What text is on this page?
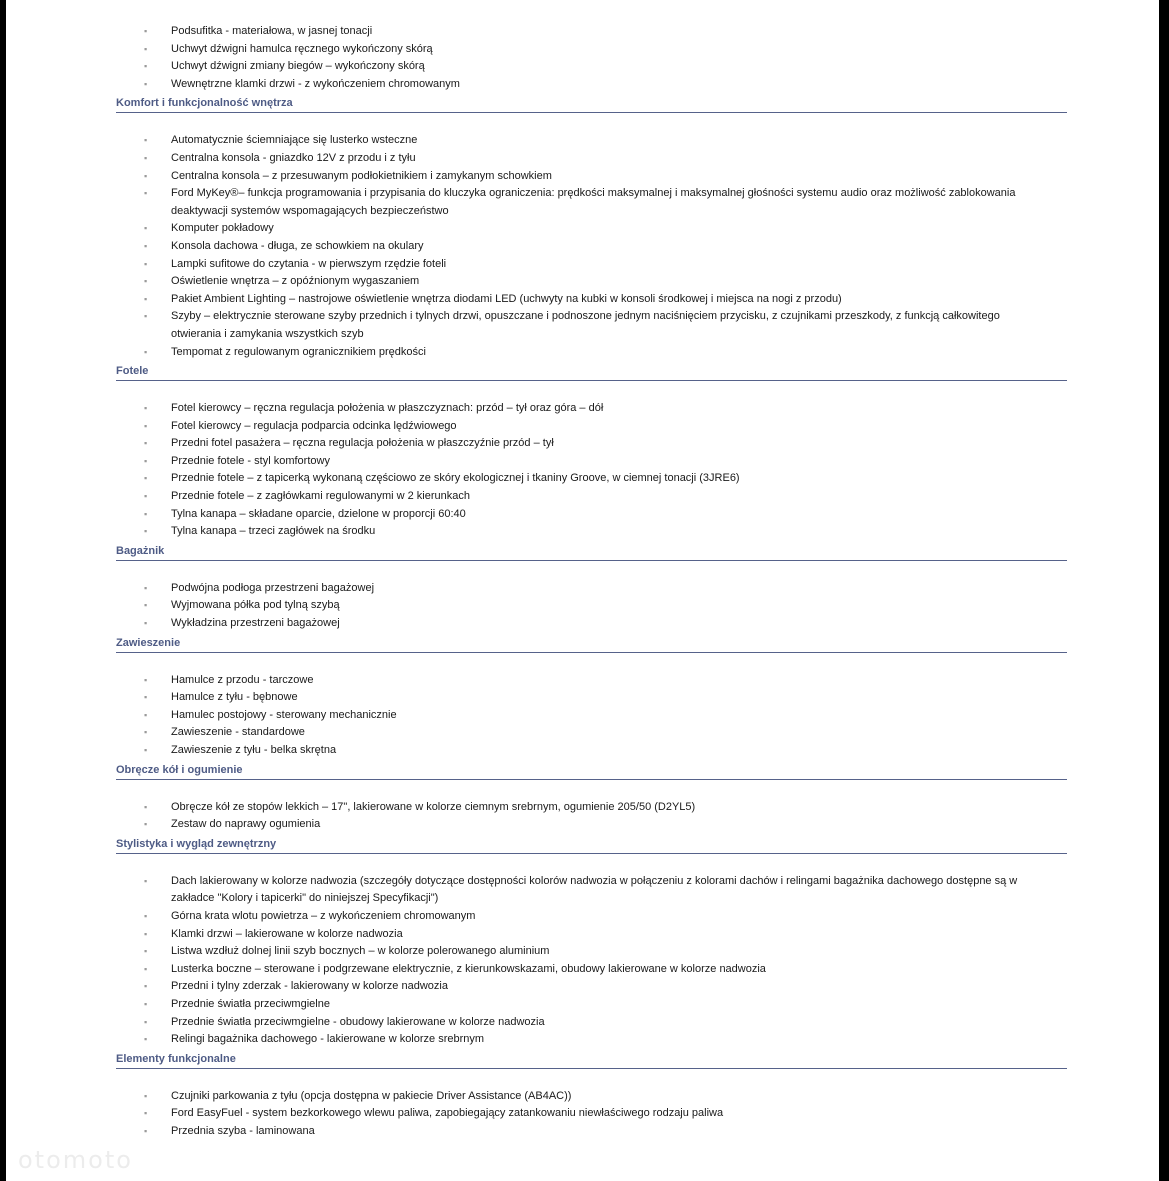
▪ Podsufitka - materiałowa, w jasnej tonacji
▪ Uchwyt dźwigni hamulca ręcznego wykończony skórą
▪ Uchwyt dźwigni zmiany biegów – wykończony skórą
▪ Wewnętrzne klamki drzwi - z wykończeniem chromowanym
Komfort i funkcjonalność wnętrza
▪ Automatycznie ściemniające się lusterko wsteczne
▪ Centralna konsola - gniazdko 12V z przodu i z tyłu
▪ Centralna konsola – z przesuwanym podłokietnikiem i zamykanym schowkiem
▪ Ford MyKey®– funkcja programowania i przypisania do kluczyka ograniczenia: prędkości maksymalnej i maksymalnej głośności systemu audio oraz możliwość zablokowania deaktywacji systemów wspomagających bezpieczeństwo
▪ Komputer pokładowy
▪ Konsola dachowa - długa, ze schowkiem na okulary
▪ Lampki sufitowe do czytania - w pierwszym rzędzie foteli
▪ Oświetlenie wnętrza – z opóźnionym wygaszaniem
▪ Pakiet Ambient Lighting – nastrojowe oświetlenie wnętrza diodami LED (uchwyty na kubki w konsoli środkowej i miejsca na nogi z przodu)
▪ Szyby – elektrycznie sterowane szyby przednich i tylnych drzwi, opuszczane i podnoszone jednym naciśnięciem przycisku, z czujnikami przeszkody, z funkcją całkowitego otwierania i zamykania wszystkich szyb
▪ Tempomat z regulowanym ogranicznikiem prędkości
Fotele
▪ Fotel kierowcy – ręczna regulacja położenia w płaszczyznach: przód – tył oraz góra – dół
▪ Fotel kierowcy – regulacja podparcia odcinka lędźwiowego
▪ Przedni fotel pasażera – ręczna regulacja położenia w płaszczyźnie przód – tył
▪ Przednie fotele - styl komfortowy
▪ Przednie fotele – z tapicerką wykonaną częściowo ze skóry ekologicznej i tkaniny Groove, w ciemnej tonacji (3JRE6)
▪ Przednie fotele – z zagłówkami regulowanymi w 2 kierunkach
▪ Tylna kanapa – składane oparcie, dzielone w proporcji 60:40
▪ Tylna kanapa – trzeci zagłówek na środku
Bagażnik
▪ Podwójna podłoga przestrzeni bagażowej
▪ Wyjmowana półka pod tylną szybą
▪ Wykładzina przestrzeni bagażowej
Zawieszenie
▪ Hamulce z przodu - tarczowe
▪ Hamulce z tyłu - bębnowe
▪ Hamulec postojowy - sterowany mechanicznie
▪ Zawieszenie - standardowe
▪ Zawieszenie z tyłu - belka skrętna
Obręcze kół i ogumienie
▪ Obręcze kół ze stopów lekkich – 17", lakierowane w kolorze ciemnym srebrnym, ogumienie 205/50 (D2YL5)
▪ Zestaw do naprawy ogumienia
Stylistyka i wygląd zewnętrzny
▪ Dach lakierowany w kolorze nadwozia (szczegóły dotyczące dostępności kolorów nadwozia w połączeniu z kolorami dachów i relingami bagażnika dachowego dostępne są w zakładce "Kolory i tapicerki" do niniejszej Specyfikacji")
▪ Górna krata wlotu powietrza – z wykończeniem chromowanym
▪ Klamki drzwi – lakierowane w kolorze nadwozia
▪ Listwa wzdłuż dolnej linii szyb bocznych – w kolorze polerowanego aluminium
▪ Lusterka boczne – sterowane i podgrzewane elektrycznie, z kierunkowskazami, obudowy lakierowane w kolorze nadwozia
▪ Przedni i tylny zderzak - lakierowany w kolorze nadwozia
▪ Przednie światła przeciwmgielne
▪ Przednie światła przeciwmgielne - obudowy lakierowane w kolorze nadwozia
▪ Relingi bagażnika dachowego - lakierowane w kolorze srebrnym
Elementy funkcjonalne
▪ Czujniki parkowania z tyłu (opcja dostępna w pakiecie Driver Assistance (AB4AC))
▪ Ford EasyFuel - system bezkorkowego wlewu paliwa, zapobiegający zatankowaniu niewłaściwego rodzaju paliwa
▪ Przednia szyba - laminowana
otomoto
